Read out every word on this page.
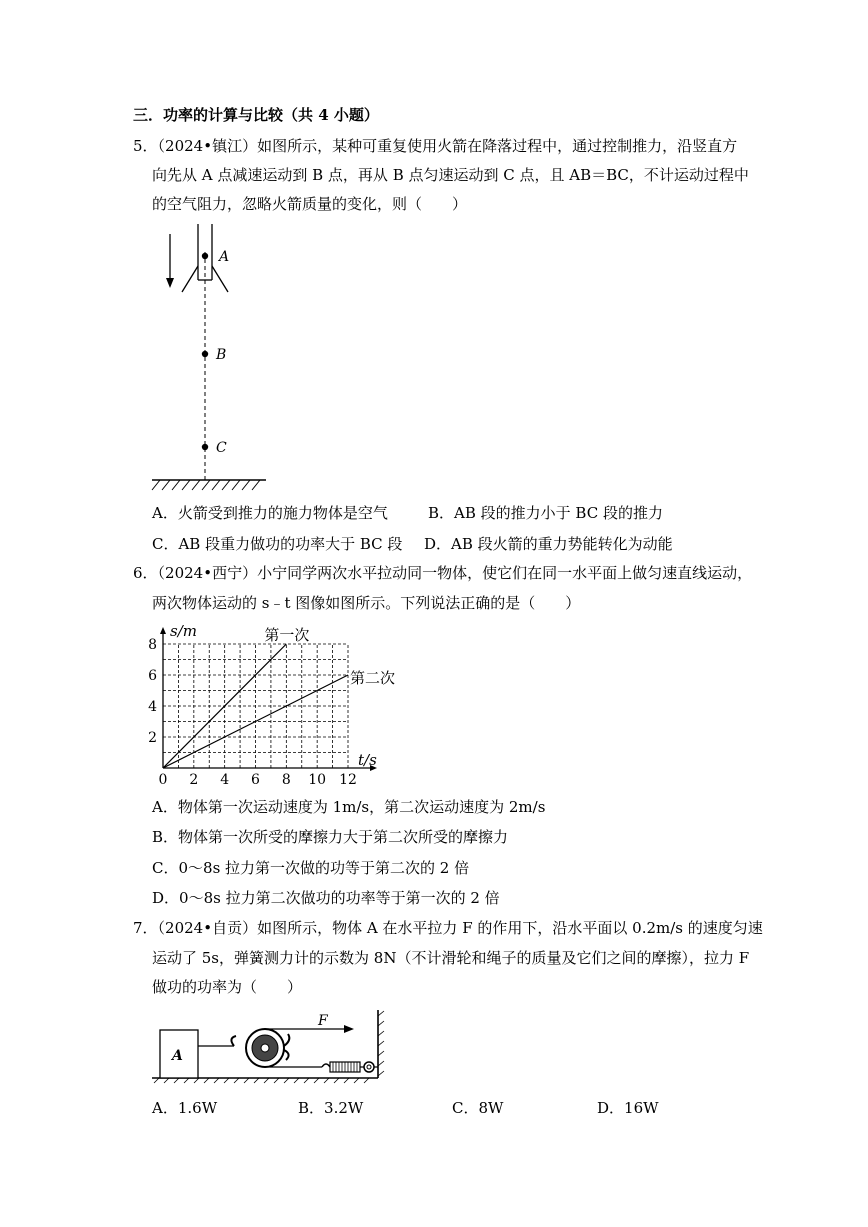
三．功率的计算与比较（共 4 小题）
5．（2024•镇江）如图所示，某种可重复使用火箭在降落过程中，通过控制推力，沿竖直方
向先从 A 点减速运动到 B 点，再从 B 点匀速运动到 C 点，且 AB＝BC，不计运动过程中
的空气阻力，忽略火箭质量的变化，则（　　）
A
B
C
A．火箭受到推力的施力物体是空气	B．AB 段的推力小于 BC 段的推力
C．AB 段重力做功的功率大于 BC 段 D．AB 段火箭的重力势能转化为动能
6．（2024•西宁）小宁同学两次水平拉动同一物体，使它们在同一水平面上做匀速直线运动，
两次物体运动的 s﹣t 图像如图所示。下列说法正确的是（　　）
第一次
第二次
0 2 4 6 8 10 12
2
4
6
8
s/m
t/s
A．物体第一次运动速度为 1m/s，第二次运动速度为 2m/s
B．物体第一次所受的摩擦力大于第二次所受的摩擦力
C．0～8s 拉力第一次做的功等于第二次的 2 倍
D．0～8s 拉力第二次做功的功率等于第一次的 2 倍
7．（2024•自贡）如图所示，物体 A 在水平拉力 F 的作用下，沿水平面以 0.2m/s 的速度匀速
运动了 5s，弹簧测力计的示数为 8N（不计滑轮和绳子的质量及它们之间的摩擦），拉力 F
做功的功率为（　　）
A
F
A．1.6W	B．3.2W	C．8W	D．16W
